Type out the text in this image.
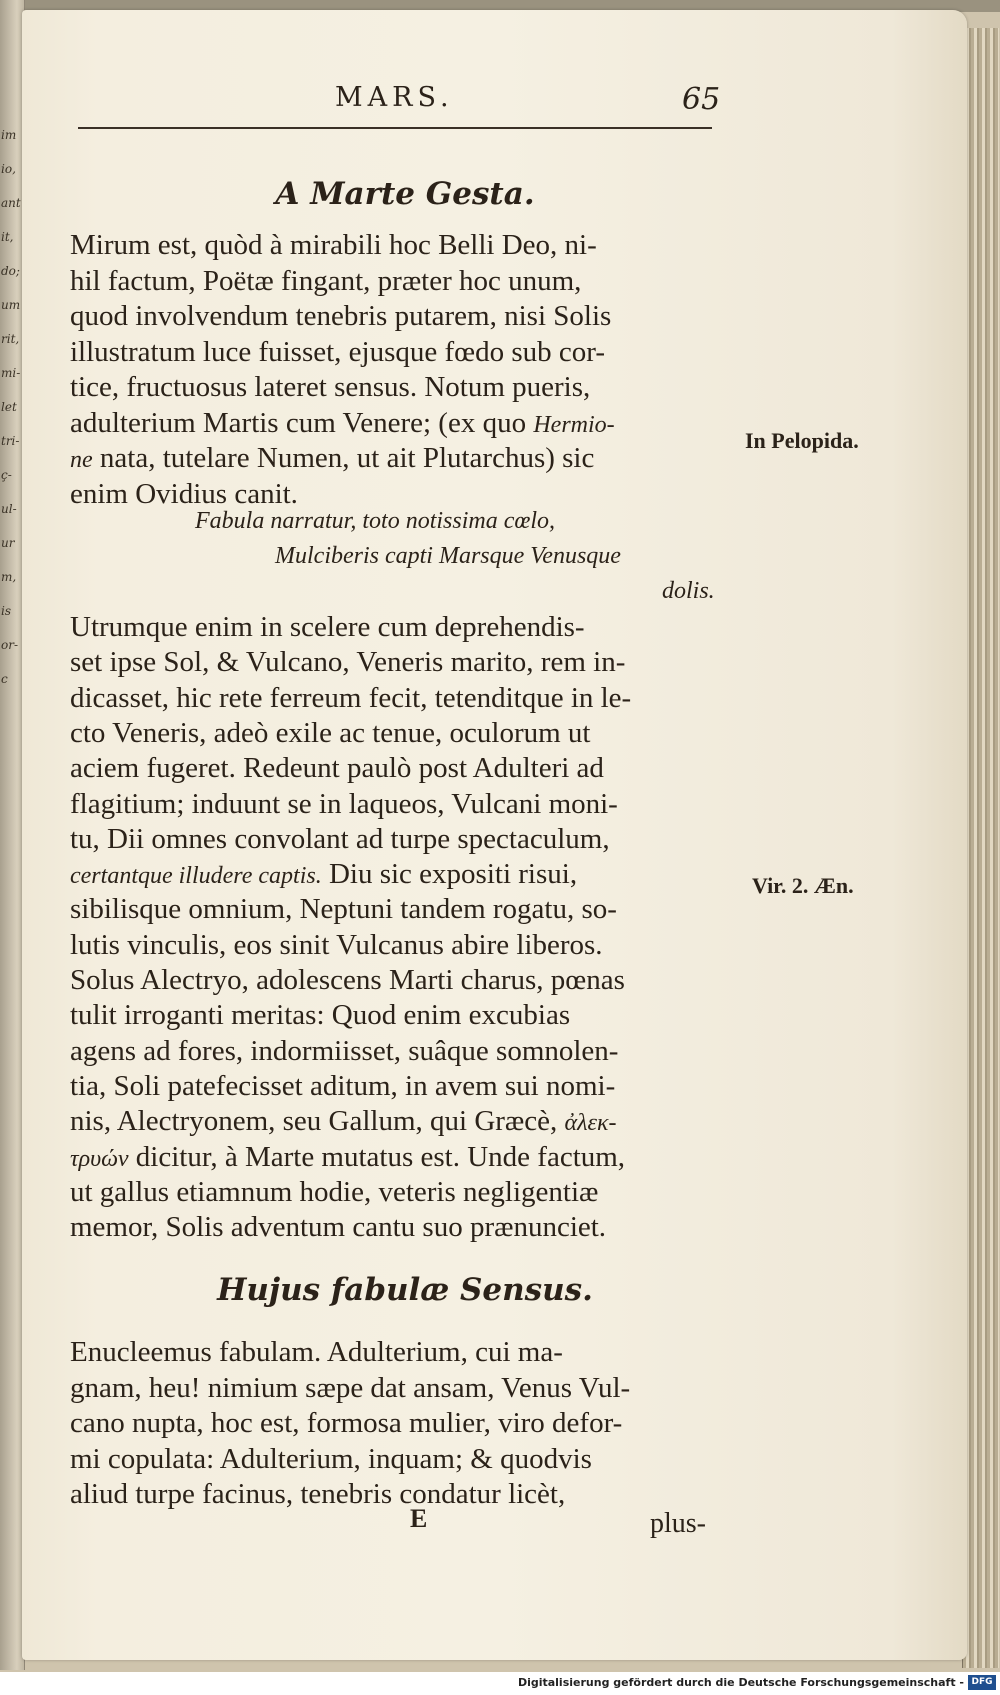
MARS.	65
A Marte Gesta.
Mirum est, quòd à mirabili hoc Belli Deo, ni-
hil factum, Poëtæ fingant, præter hoc unum,
quod involvendum tenebris putarem, nisi Solis
illustratum luce fuisset, ejusque fœdo sub cor-
tice, fructuosus lateret sensus. Notum pueris,
adulterium Martis cum Venere; (ex quo Hermio-
ne nata, tutelare Numen, ut ait Plutarchus) sic
enim Ovidius canit.
Fabula narratur, toto notissima cœlo,
Mulciberis capti Marsque Venusque
dolis.
Utrumque enim in scelere cum deprehendis-
set ipse Sol, & Vulcano, Veneris marito, rem in-
dicasset, hic rete ferreum fecit, tetenditque in le-
cto Veneris, adeò exile ac tenue, oculorum ut
aciem fugeret. Redeunt paulò post Adulteri ad
flagitium; induunt se in laqueos, Vulcani moni-
tu, Dii omnes convolant ad turpe spectaculum,
certantque illudere captis. Diu sic expositi risui,
sibilisque omnium, Neptuni tandem rogatu, so-
lutis vinculis, eos sinit Vulcanus abire liberos.
Solus Alectryo, adolescens Marti charus, pœnas
tulit irroganti meritas: Quod enim excubias
agens ad fores, indormiisset, suâque somnolen-
tia, Soli patefecisset aditum, in avem sui nomi-
nis, Alectryonem, seu Gallum, qui Græcè, ἀλεκ-
τρυών dicitur, à Marte mutatus est. Unde factum,
ut gallus etiamnum hodie, veteris negligentiæ
memor, Solis adventum cantu suo prænunciet.
Hujus fabulæ Sensus.
Enucleemus fabulam. Adulterium, cui ma-
gnam, heu! nimium sæpe dat ansam, Venus Vul-
cano nupta, hoc est, formosa mulier, viro defor-
mi copulata: Adulterium, inquam; & quodvis
aliud turpe facinus, tenebris condatur licèt,
In Pelopida.
Vir. 2. Æn.
E	plus-
im
io,
ant
it,
do;
um
rit,
mi-
let
tri-
ç-
ul-
ur
m,
is
or-
c
Digitalisierung gefördert durch die Deutsche Forschungsgemeinschaft - DFG
